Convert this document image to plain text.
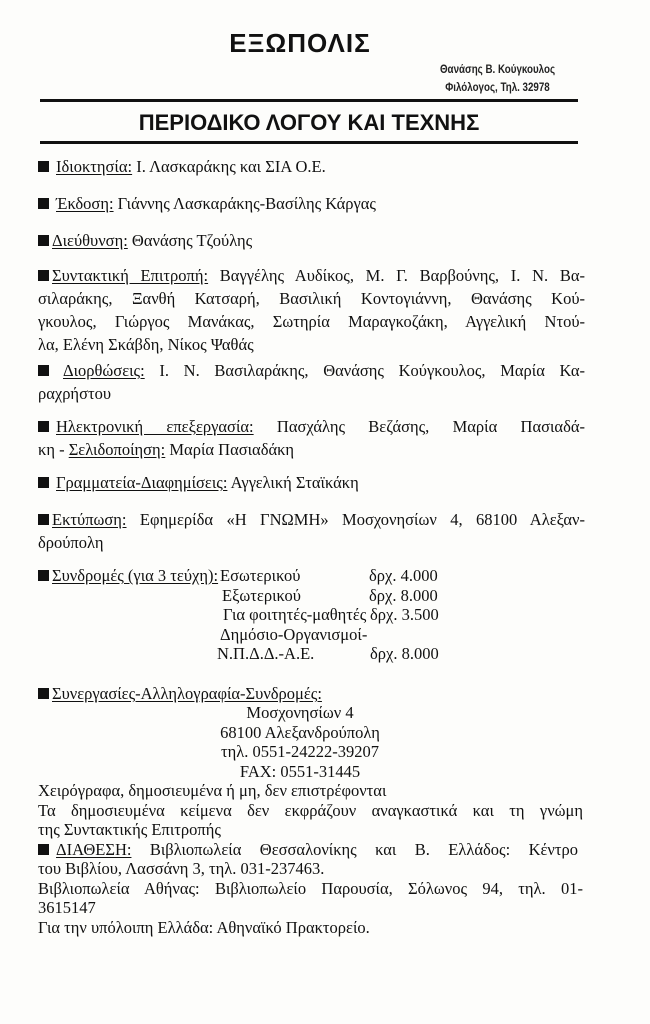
ΕΞΩΠΟΛΙΣ
Θανάσης Β. Κούγκουλος
Φιλόλογος, Τηλ. 32978
ΠΕΡΙΟΔΙΚΟ ΛΟΓΟΥ ΚΑΙ ΤΕΧΝΗΣ
Ιδιοκτησία: Ι. Λασκαράκης και ΣΙΑ Ο.Ε.
Έκδοση: Γιάννης Λασκαράκης-Βασίλης Κάργας
Διεύθυνση: Θανάσης Τζούλης
Συντακτική Επιτροπή: Βαγγέλης Αυδίκος, Μ. Γ. Βαρβούνης, Ι. Ν. Βα-
σιλαράκης, Ξανθή Κατσαρή, Βασιλική Κοντογιάννη, Θανάσης Κού-
γκουλος, Γιώργος Μανάκας, Σωτηρία Μαραγκοζάκη, Αγγελική Ντού-
λα, Ελένη Σκάβδη, Νίκος Ψαθάς
Διορθώσεις: Ι. Ν. Βασιλαράκης, Θανάσης Κούγκουλος, Μαρία Κα-
ραχρήστου
Ηλεκτρονική επεξεργασία: Πασχάλης Βεζάσης, Μαρία Πασιαδά-
κη - Σελιδοποίηση: Μαρία Πασιαδάκη
Γραμματεία-Διαφημίσεις: Αγγελική Σταϊκάκη
Εκτύπωση: Εφημερίδα «Η ΓΝΩΜΗ» Μοσχονησίων 4, 68100 Αλεξαν-
δρούπολη
Συνδρομές (για 3 τεύχη): Εσωτερικού	δρχ. 4.000
Εξωτερικού	δρχ. 8.000
Για φοιτητές-μαθητές δρχ. 3.500
Δημόσιο-Οργανισμοί-
Ν.Π.Δ.Δ.-Α.Ε.	δρχ. 8.000
Συνεργασίες-Αλληλογραφία-Συνδρομές:
Μοσχονησίων 4
68100 Αλεξανδρούπολη
τηλ. 0551-24222-39207
FAX: 0551-31445
Χειρόγραφα, δημοσιευμένα ή μη, δεν επιστρέφονται
Τα δημοσιευμένα κείμενα δεν εκφράζουν αναγκαστικά και τη γνώμη
της Συντακτικής Επιτροπής
ΔΙΑΘΕΣΗ: Βιβλιοπωλεία Θεσσαλονίκης και Β. Ελλάδος: Κέντρο
του Βιβλίου, Λασσάνη 3, τηλ. 031-237463.
Βιβλιοπωλεία Αθήνας: Βιβλιοπωλείο Παρουσία, Σόλωνος 94, τηλ. 01-
3615147
Για την υπόλοιπη Ελλάδα: Αθηναϊκό Πρακτορείο.
